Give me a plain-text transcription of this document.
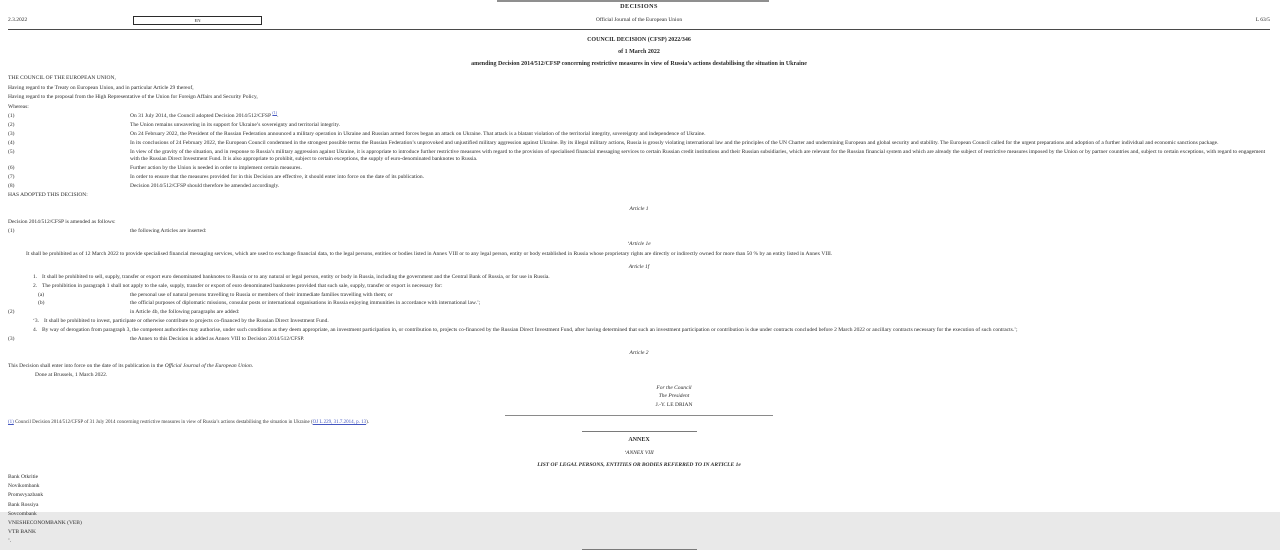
DECISIONS
2.3.2022	EN	Official Journal of the European Union	L 63/5
COUNCIL DECISION (CFSP) 2022/346
of 1 March 2022
amending Decision 2014/512/CFSP concerning restrictive measures in view of Russia’s actions destabilising the situation in Ukraine
THE COUNCIL OF THE EUROPEAN UNION,
Having regard to the Treaty on European Union, and in particular Article 29 thereof,
Having regard to the proposal from the High Representative of the Union for Foreign Affairs and Security Policy,
Whereas:
(1)	On 31 July 2014, the Council adopted Decision 2014/512/CFSP $^{(1)}$.
(2)	The Union remains unwavering in its support for Ukraine’s sovereignty and territorial integrity.
(3)	On 24 February 2022, the President of the Russian Federation announced a military operation in Ukraine and Russian armed forces began an attack on Ukraine. That attack is a blatant violation of the territorial integrity, sovereignty and independence of Ukraine.
(4)	In its conclusions of 24 February 2022, the European Council condemned in the strongest possible terms the Russian Federation’s unprovoked and unjustified military aggression against Ukraine. By its illegal military actions, Russia is grossly violating international law and the principles of the UN Charter and undermining European and global security and stability. The European Council called for the urgent preparations and adoption of a further individual and economic sanctions package.
(5)	In view of the gravity of the situation, and in response to Russia’s military aggression against Ukraine, it is appropriate to introduce further restrictive measures with regard to the provision of specialised financial messaging services to certain Russian credit institutions and their Russian subsidiaries, which are relevant for the Russian financial system and which are already the subject of restrictive measures imposed by the Union or by partner countries and, subject to certain exceptions, with regard to engagement with the Russian Direct Investment Fund. It is also appropriate to prohibit, subject to certain exceptions, the supply of euro-denominated banknotes to Russia.
(6)	Further action by the Union is needed in order to implement certain measures.
(7)	In order to ensure that the measures provided for in this Decision are effective, it should enter into force on the date of its publication.
(8)	Decision 2014/512/CFSP should therefore be amended accordingly.
HAS ADOPTED THIS DECISION:
Article 1
Decision 2014/512/CFSP is amended as follows:
(1)	the following Articles are inserted:
‘Article 1e
It shall be prohibited as of 12 March 2022 to provide specialised financial messaging services, which are used to exchange financial data, to the legal persons, entities or bodies listed in Annex VIII or to any legal person, entity or body established in Russia whose proprietary rights are directly or indirectly owned for more than 50 % by an entity listed in Annex VIII.
Article 1f
1. It shall be prohibited to sell, supply, transfer or export euro denominated banknotes to Russia or to any natural or legal person, entity or body in Russia, including the government and the Central Bank of Russia, or for use in Russia.
2. The prohibition in paragraph 1 shall not apply to the sale, supply, transfer or export of euro denominated banknotes provided that such sale, supply, transfer or export is necessary for:
(a)	the personal use of natural persons travelling to Russia or members of their immediate families travelling with them; or
(b)	the official purposes of diplomatic missions, consular posts or international organisations in Russia enjoying immunities in accordance with international law.’;
(2)	in Article 4b, the following paragraphs are added:
‘3. It shall be prohibited to invest, participate or otherwise contribute to projects co-financed by the Russian Direct Investment Fund.
4. By way of derogation from paragraph 3, the competent authorities may authorise, under such conditions as they deem appropriate, an investment participation in, or contribution to, projects co-financed by the Russian Direct Investment Fund, after having determined that such an investment participation or contribution is due under contracts concluded before 2 March 2022 or ancillary contracts necessary for the execution of such contracts.’;
(3)	the Annex to this Decision is added as Annex VIII to Decision 2014/512/CFSP.
Article 2
This Decision shall enter into force on the date of its publication in the Official Journal of the European Union.
Done at Brussels, 1 March 2022.
For the Council
The President
J.-Y. LE DRIAN
(1) Council Decision 2014/512/CFSP of 31 July 2014 concerning restrictive measures in view of Russia’s actions destabilising the situation in Ukraine (OJ L 229, 31.7.2014, p. 13).
ANNEX
‘ANNEX VIII
LIST OF LEGAL PERSONS, ENTITIES OR BODIES REFERRED TO IN ARTICLE 1e
Bank Otkritie
Novikombank
Promsvyazbank
Bank Rossiya
Sovcombank
VNESHECONOMBANK (VEB)
VTB BANK
’.
